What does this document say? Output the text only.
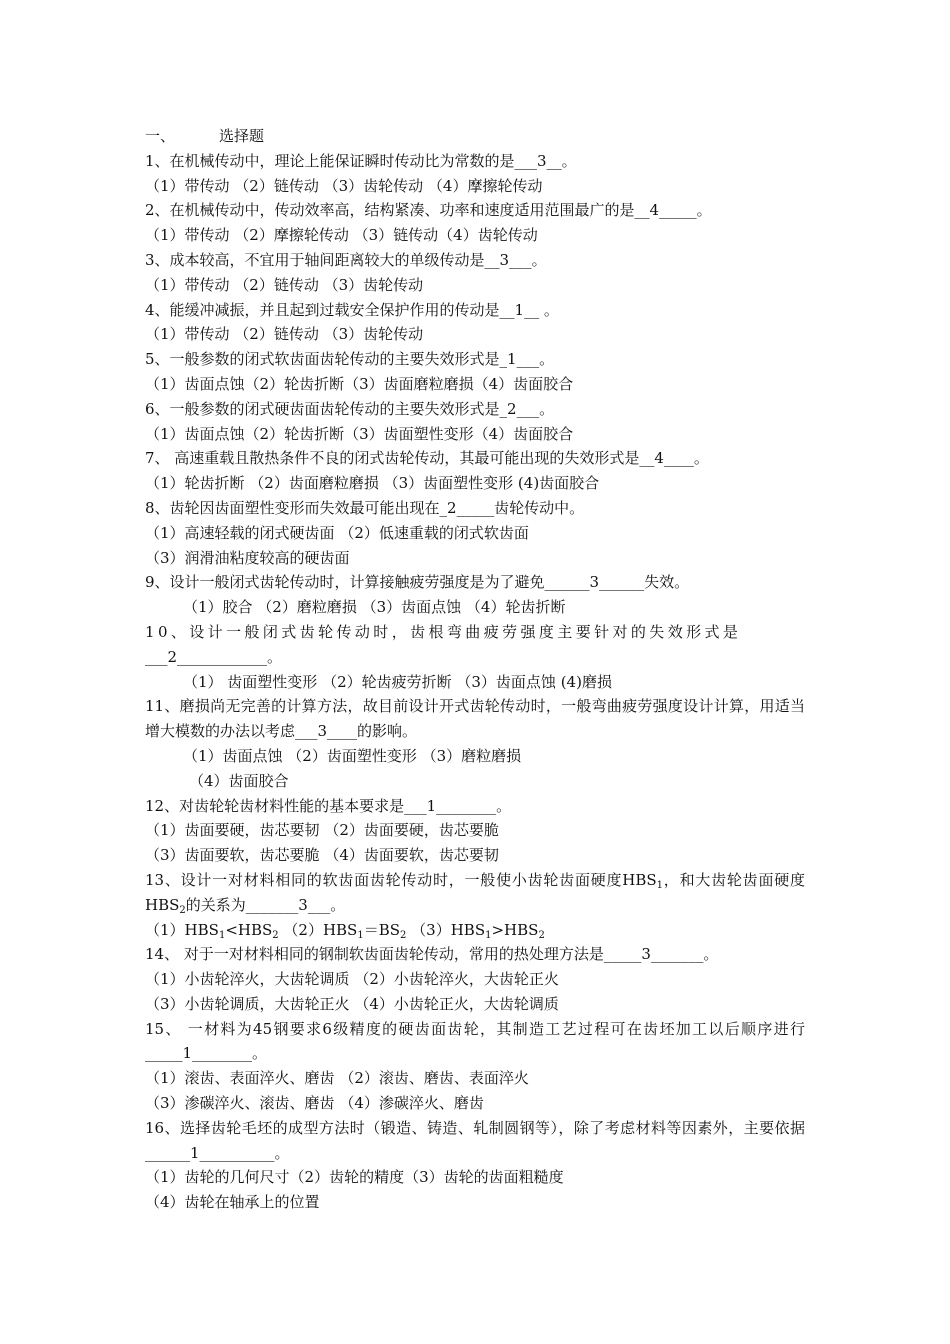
一、	选择题
1、在机械传动中，理论上能保证瞬时传动比为常数的是___3__。
（1）带传动 （2）链传动 （3）齿轮传动 （4）摩擦轮传动
2、在机械传动中，传动效率高，结构紧凑、功率和速度适用范围最广的是__4_____。
（1）带传动 （2）摩擦轮传动 （3）链传动（4）齿轮传动
3、成本较高，不宜用于轴间距离较大的单级传动是__3___。
（1）带传动 （2）链传动 （3）齿轮传动
4、能缓冲减振，并且起到过载安全保护作用的传动是__1__ 。
（1）带传动 （2）链传动 （3）齿轮传动
5、一般参数的闭式软齿面齿轮传动的主要失效形式是_1___。
（1）齿面点蚀（2）轮齿折断（3）齿面磨粒磨损（4）齿面胶合
6、一般参数的闭式硬齿面齿轮传动的主要失效形式是_2___。
（1）齿面点蚀（2）轮齿折断（3）齿面塑性变形（4）齿面胶合
7、 高速重载且散热条件不良的闭式齿轮传动，其最可能出现的失效形式是__4____。
（1）轮齿折断 （2）齿面磨粒磨损 （3）齿面塑性变形 (4)齿面胶合
8、齿轮因齿面塑性变形而失效最可能出现在_2_____齿轮传动中。
（1）高速轻载的闭式硬齿面 （2）低速重载的闭式软齿面
（3）润滑油粘度较高的硬齿面
9、设计一般闭式齿轮传动时，计算接触疲劳强度是为了避免______3______失效。
（1）胶合 （2）磨粒磨损 （3）齿面点蚀 （4）轮齿折断
10、设计一般闭式齿轮传动时，齿根弯曲疲劳强度主要针对的失效形式是
___2____________。
（1） 齿面塑性变形 （2）轮齿疲劳折断 （3）齿面点蚀 (4)磨损
11、磨损尚无完善的计算方法，故目前设计开式齿轮传动时，一般弯曲疲劳强度设计计算，用适当增大模数的办法以考虑___3____的影响。
（1）齿面点蚀 （2）齿面塑性变形 （3）磨粒磨损
（4）齿面胶合
12、对齿轮轮齿材料性能的基本要求是___1________。
（1）齿面要硬，齿芯要韧 （2）齿面要硬，齿芯要脆
（3）齿面要软，齿芯要脆 （4）齿面要软，齿芯要韧
13、设计一对材料相同的软齿面齿轮传动时，一般使小齿轮齿面硬度$HBS_1$，和大齿轮齿面硬度$HBS_2$的关系为_______3___。
$(1)HBS_1<HBS_2$ $(2)HBS_1=BS_2$ $(3)HBS_1>HBS_2$
14、 对于一对材料相同的钢制软齿面齿轮传动，常用的热处理方法是_____3_______。
（1）小齿轮淬火，大齿轮调质 （2）小齿轮淬火，大齿轮正火
（3）小齿轮调质，大齿轮正火 （4）小齿轮正火，大齿轮调质
15、 一材料为45钢要求6级精度的硬齿面齿轮，其制造工艺过程可在齿坯加工以后顺序进行_____1________。
（1）滚齿、表面淬火、磨齿 （2）滚齿、磨齿、表面淬火
（3）渗碳淬火、滚齿、磨齿 （4）渗碳淬火、磨齿
16、选择齿轮毛坯的成型方法时（锻造、铸造、轧制圆钢等），除了考虑材料等因素外，主要依据______1__________。
（1）齿轮的几何尺寸（2）齿轮的精度（3）齿轮的齿面粗糙度
（4）齿轮在轴承上的位置
